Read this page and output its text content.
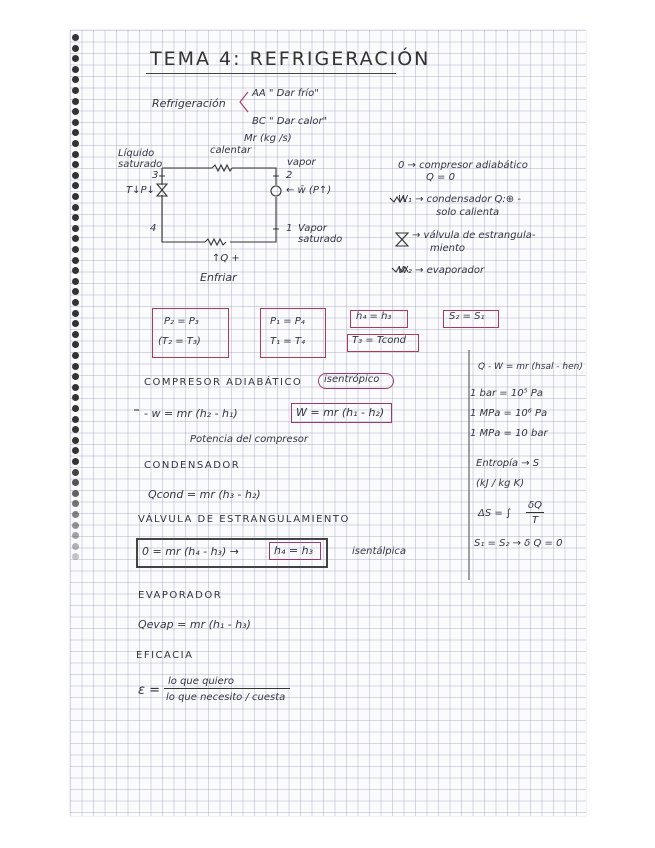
TEMA 4: REFRIGERACIÓN
Refrigeración
AA " Dar frío"
BC " Dar calor"
Mr (kg /s)
calentar
Líquido
saturado	vapor
3	2
4	1 Vapor
saturado
← w̄ (P↑)
T↓P↓
↑Q +
Enfriar
0 → compresor adiabático
Q = 0
W₁ → condensador Q:⊕ -
solo calienta
→ válvula de estrangula-
miento
W₂ → evaporador
P₂ = P₃
(T₂ = T₃)
P₁ = P₄
T₁ = T₄
h₄ = h₃
T₃ = Tcond
S₂ = S₁
COMPRESOR ADIABÁTICO isentrópico
- w = mr (h₂ - h₁)	W = mr (h₁ - h₂)
Potencia del compresor
CONDENSADOR
Qcond = mr (h₃ - h₂)
VÁLVULA DE ESTRANGULAMIENTO
0 = mr (h₄ - h₃) →	h₄ = h₃	isentálpica
EVAPORADOR
Qevap = mr (h₁ - h₃)
EFICACIA
ε =
lo que quiero
lo que necesito / cuesta
Q - W = mr (hsal - hen)
1 bar = 10⁵ Pa
1 MPa = 10⁶ Pa
1 MPa = 10 bar
Entropía → S
(kJ / kg K)
ΔS = ∫
δQ
T
S₁ = S₂ → δ Q = 0
